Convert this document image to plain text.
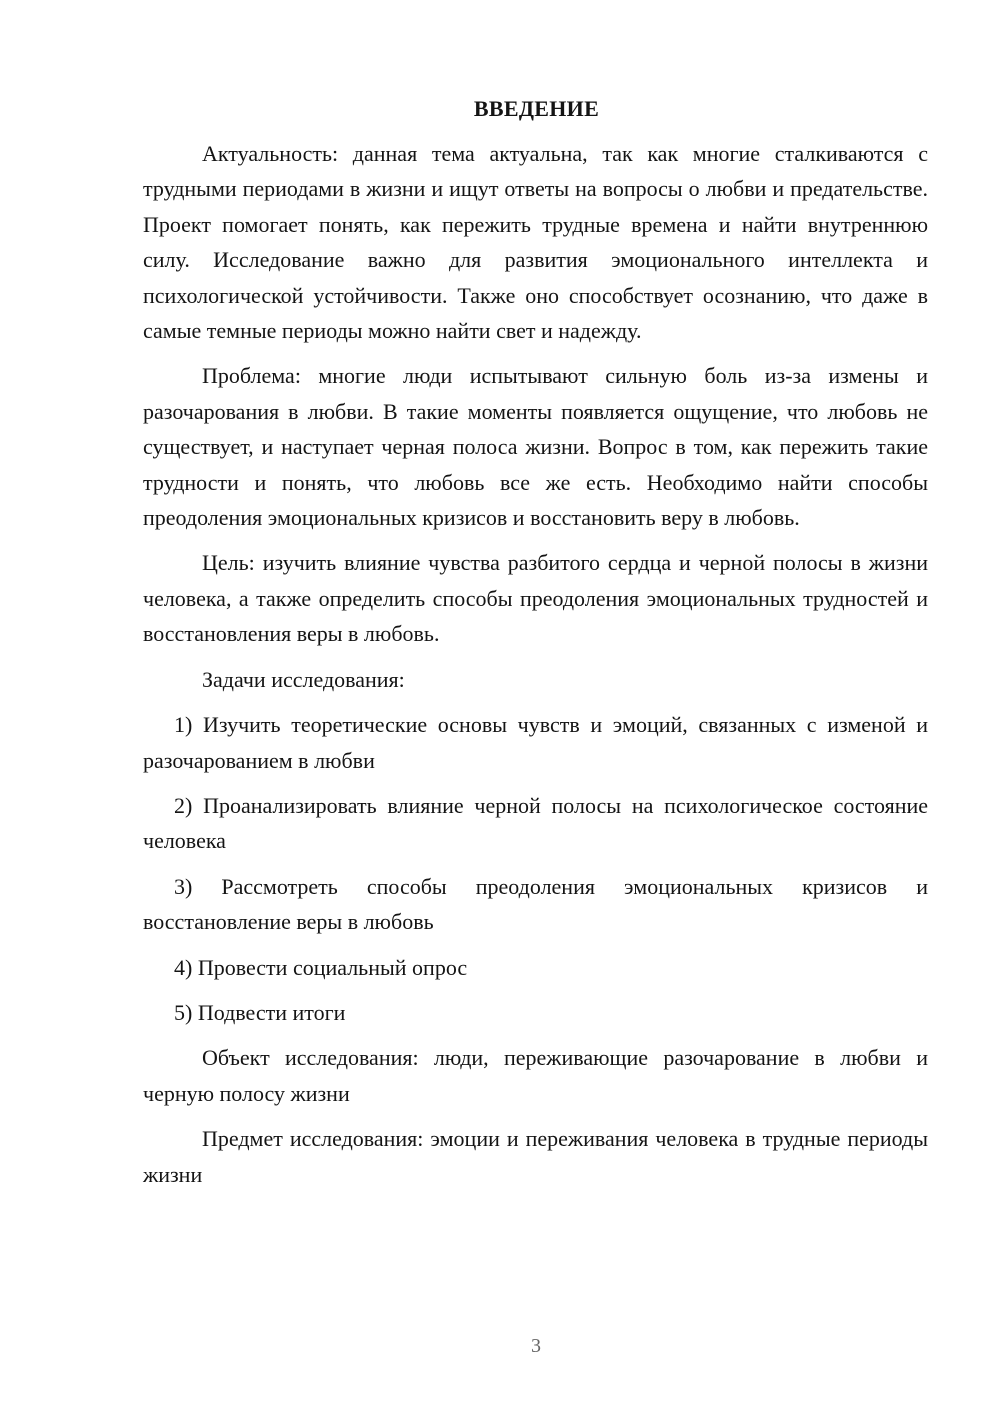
ВВЕДЕНИЕ

Актуальность: данная тема актуальна, так как многие сталкиваются с трудными периодами в жизни и ищут ответы на вопросы о любви и предательстве. Проект помогает понять, как пережить трудные времена и найти внутреннюю силу. Исследование важно для развития эмоционального интеллекта и психологической устойчивости. Также оно способствует осознанию, что даже в самые темные периоды можно найти свет и надежду.

Проблема: многие люди испытывают сильную боль из-за измены и разочарования в любви. В такие моменты появляется ощущение, что любовь не существует, и наступает черная полоса жизни. Вопрос в том, как пережить такие трудности и понять, что любовь все же есть. Необходимо найти способы преодоления эмоциональных кризисов и восстановить веру в любовь.

Цель: изучить влияние чувства разбитого сердца и черной полосы в жизни человека, а также определить способы преодоления эмоциональных трудностей и восстановления веры в любовь.

Задачи исследования:

1) Изучить теоретические основы чувств и эмоций, связанных с изменой и разочарованием в любви

2) Проанализировать влияние черной полосы на психологическое состояние человека

3) Рассмотреть способы преодоления эмоциональных кризисов и восстановление веры в любовь

4) Провести социальный опрос

5) Подвести итоги

Объект исследования: люди, переживающие разочарование в любви и черную полосу жизни

Предмет исследования: эмоции и переживания человека в трудные периоды жизни

3
